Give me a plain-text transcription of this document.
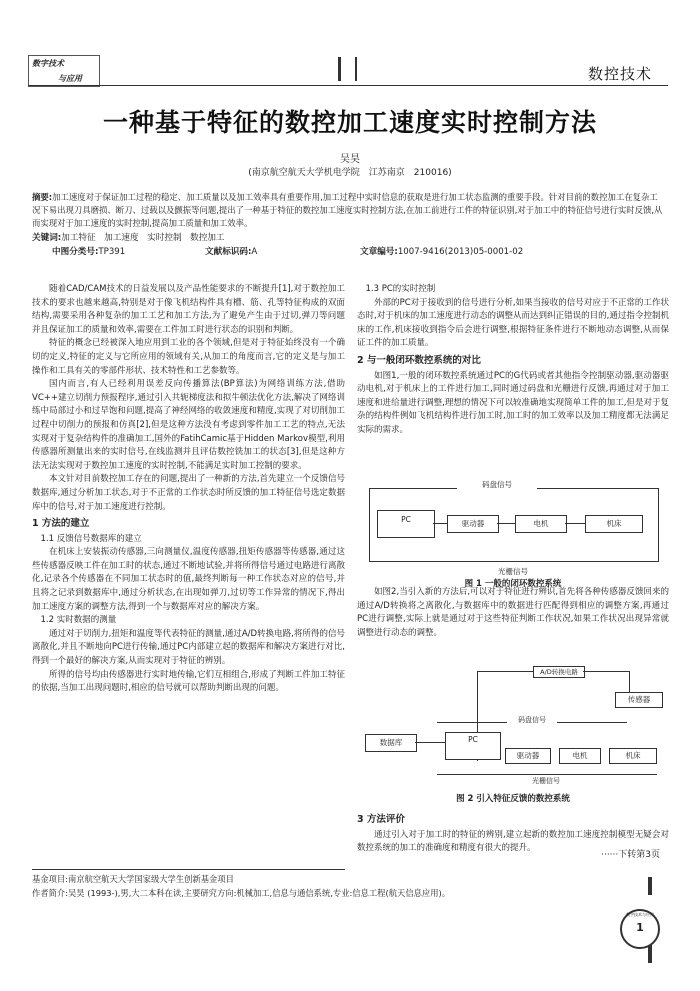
数字技术
与应用	数控技术
一种基于特征的数控加工速度实时控制方法
吴昊
(南京航空航天大学机电学院　江苏南京　210016)
摘要:加工速度对于保证加工过程的稳定、加工质量以及加工效率具有重要作用,加工过程中实时信息的获取是进行加工状态监测的重要手段。针对目前的数控加工在复杂工况下易出现刀具磨损、断刀、过载以及颤振等问题,提出了一种基于特征的数控加工速度实时控制方法,在加工前进行工件的特征识别,对于加工中的特征信号进行实时反馈,从而实现对于加工速度的实时控制,提高加工质量和加工效率。
关键词:加工特征　加工速度　实时控制　数控加工
中图分类号:TP391	文献标识码:A	文章编号:1007-9416(2013)05-0001-02

随着CAD/CAM技术的日益发展以及产品性能要求的不断提升[1],对于数控加工技术的要求也越来越高,特别是对于像飞机结构件具有槽、筋、孔等特征构成的双面结构,需要采用各种复杂的加工工艺和加工方法,为了避免产生由于过切,弹刀等问题并且保证加工的质量和效率,需要在工件加工时进行状态的识别和判断。

特征的概念已经被深入地应用到工业的各个领域,但是对于特征始终没有一个确切的定义,特征的定义与它所应用的领域有关,从加工的角度而言,它的定义是与加工操作和工具有关的零部件形状、技术特性和工艺参数等。

国内而言,有人已经利用误差反向传播算法(BP算法)为网络训练方法,借助VC++建立切削力预报程序,通过引入共轭梯度法和拟牛顿法优化方法,解决了网络训练中局部过小和过早饱和问题,提高了神经网络的收敛速度和精度,实现了对切削加工过程中切削力的预报和仿真[2],但是这种方法没有考虑到零件加工工艺的特点,无法实现对于复杂结构件的准确加工,国外的FatihCamic基于Hidden Markov模型,利用传感器所测量出来的实时信号,在线监测并且评估数控铣加工的状态[3],但是这种方法无法实现对于数控加工速度的实时控制,不能满足实时加工控制的要求。

本文针对目前数控加工存在的问题,提出了一种新的方法,首先建立一个反馈信号数据库,通过分析加工状态,对于不正常的工作状态时所反馈的加工特征信号选定数据库中的信号,对于加工速度进行控制。

1 方法的建立

1.1 反馈信号数据库的建立

在机床上安装振动传感器,三向测量仪,温度传感器,扭矩传感器等传感器,通过这些传感器反映工件在加工时的状态,通过不断地试验,并将所得信号通过电路进行离散化,记录各个传感器在不同加工状态时的值,最终判断每一种工作状态对应的信号,并且将之记录到数据库中,通过分析状态,在出现如弹刀,过切等工作异常的情况下,得出加工速度方案的调整方法,得到一个与数据库对应的解决方案。

1.2 实时数据的测量

通过对于切削力,扭矩和温度等代表特征的测量,通过A/D转换电路,将所得的信号离散化,并且不断地向PC进行传输,通过PC内部建立起的数据库和解决方案进行对比,得到一个最好的解决方案,从而实现对于特征的辨别。

所得的信号均由传感器进行实时地传输,它们互相组合,形成了判断工件加工特征的依据,当加工出现问题时,相应的信号就可以帮助判断出现的问题。

1.3 PC的实时控制

外部的PC对于接收到的信号进行分析,如果当接收的信号对应于不正常的工作状态时,对于机床的加工速度进行动态的调整从而达到纠正错误的目的,通过指令控制机床的工作,机床接收到指令后会进行调整,根据特征条件进行不断地动态调整,从而保证工件的加工质量。

2 与一般闭环数控系统的对比

如图1,一般的闭环数控系统通过PC的G代码或者其他指令控制驱动器,驱动器驱动电机,对于机床上的工件进行加工,同时通过码盘和光栅进行反馈,再通过对于加工速度和进给量进行调整,理想的情况下可以较准确地实现简单工件的加工,但是对于复杂的结构件例如飞机结构件进行加工时,加工时的加工效率以及加工精度都无法满足实际的需求。

码盘信号
PC	驱动器	电机	机床
光栅信号
图 1 一般的闭环数控系统

如图2,当引入新的方法后,可以对于特征进行辨识,首先将各种传感器反馈回来的通过A/D转换将之离散化,与数据库中的数据进行匹配得到相应的调整方案,再通过PC进行调整,实际上就是通过对于这些特征判断工作状况,如果工作状况出现异常就调整进行动态的调整。

A/D转换电路
传感器
码盘信号
数据库	PC
驱动器	电机	机床
光栅信号
图 2 引入特征反馈的数控系统

3 方法评价

通过引入对于加工时的特征的辨别,建立起新的数控加工速度控制模型无疑会对数控系统的加工的准确度和精度有很大的提升。

······下转第3页
基金项目:南京航空航天大学国家级大学生创新基金项目
作者简介:吴昊 (1993-),男,大二本科在读,主要研究方向:机械加工,信息与通信系统,专业:信息工程(航天信息应用)。
数字技术与应用
1
